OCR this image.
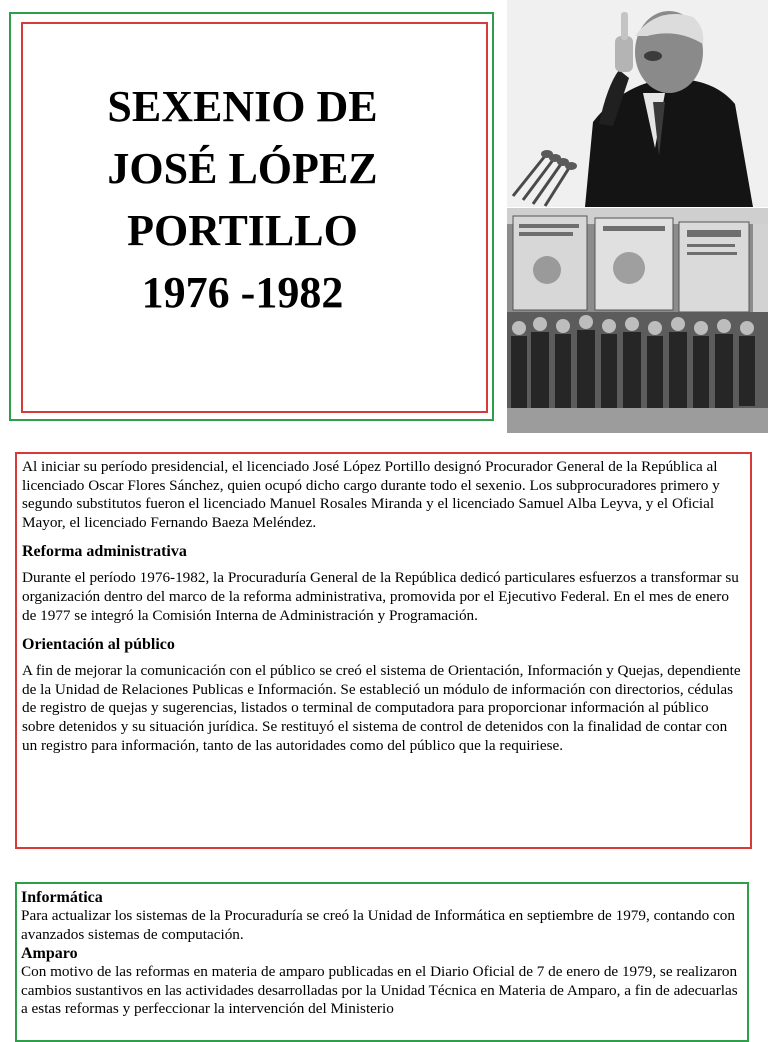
SEXENIO DE
JOSÉ LÓPEZ
PORTILLO
1976 -1982

Al iniciar su período presidencial, el licenciado José López Portillo designó Procurador General de la República al licenciado Oscar Flores Sánchez, quien ocupó dicho cargo durante todo el sexenio. Los subprocuradores primero y segundo substitutos fueron el licenciado Manuel Rosales Miranda y el licenciado Samuel Alba Leyva, y el Oficial Mayor, el licenciado Fernando Baeza Meléndez.

Reforma administrativa

Durante el período 1976-1982, la Procuraduría General de la República dedicó particulares esfuerzos a transformar su organización dentro del marco de la reforma administrativa, promovida por el Ejecutivo Federal. En el mes de enero de 1977 se integró la Comisión Interna de Administración y Programación.

Orientación al público

A fin de mejorar la comunicación con el público se creó el sistema de Orientación, Información y Quejas, dependiente de la Unidad de Relaciones Publicas e Información. Se estableció un módulo de información con directorios, cédulas de registro de quejas y sugerencias, listados o terminal de computadora para proporcionar información al público sobre detenidos y su situación jurídica. Se restituyó el sistema de control de detenidos con la finalidad de contar con un registro para información, tanto de las autoridades como del público que la requiriese.

Informática

Para actualizar los sistemas de la Procuraduría se creó la Unidad de Informática en septiembre de 1979, contando con avanzados sistemas de computación.

Amparo

Con motivo de las reformas en materia de amparo publicadas en el Diario Oficial de 7 de enero de 1979, se realizaron cambios sustantivos en las actividades desarrolladas por la Unidad Técnica en Materia de Amparo, a fin de adecuarlas a estas reformas y perfeccionar la intervención del Ministerio
